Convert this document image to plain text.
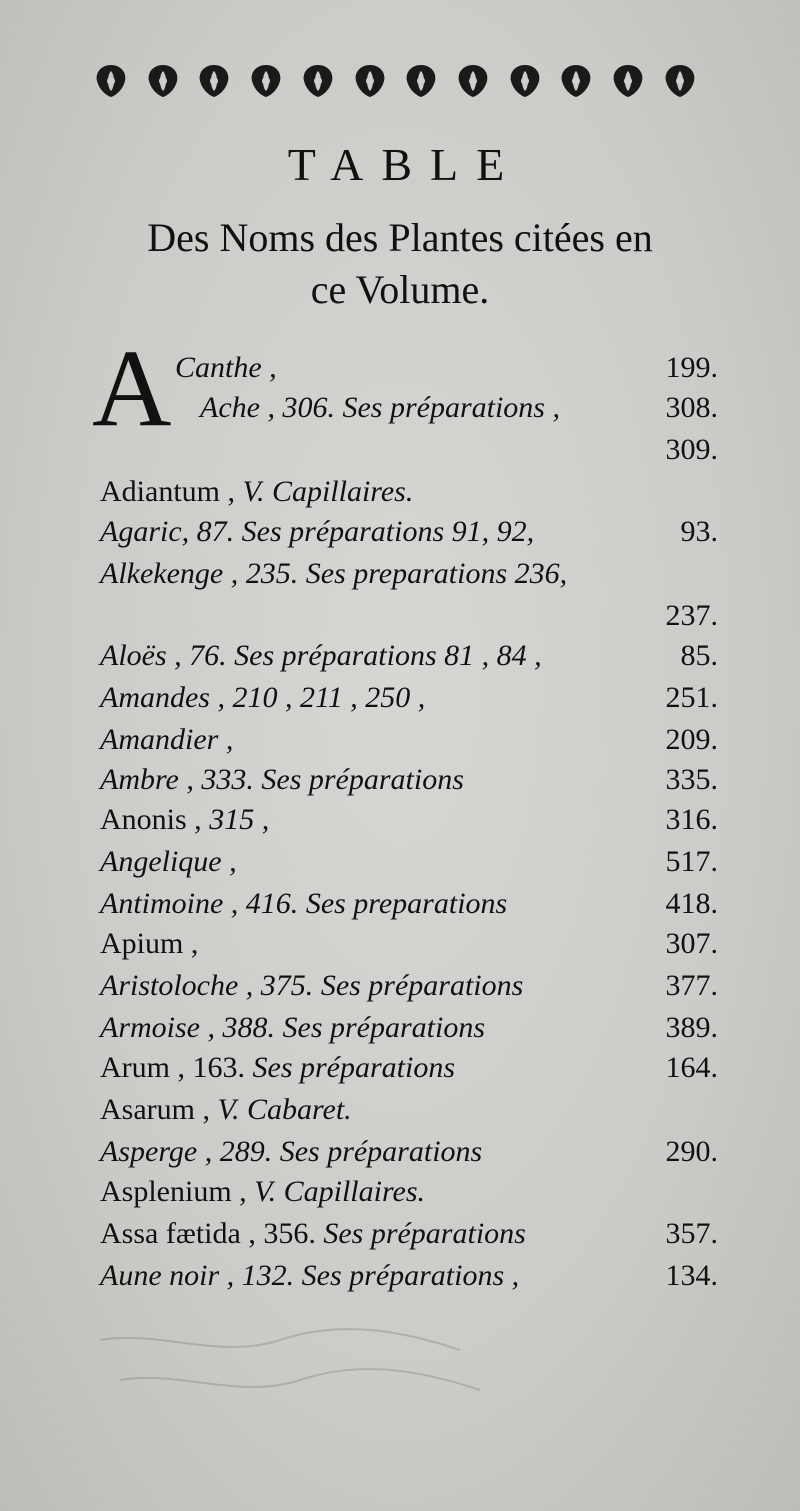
TABLE
Des Noms des Plantes citées en
ce Volume.
A Canthe ,	199.
Ache , 306. Ses préparations ,	308.
309.
Adiantum , V. Capillaires.
Agaric, 87. Ses préparations 91, 92,	93.
Alkekenge , 235. Ses preparations 236,
237.
Aloës , 76. Ses préparations 81 , 84 ,	85.
Amandes , 210 , 211 , 250 ,	251.
Amandier ,	209.
Ambre , 333. Ses préparations	335.
Anonis , 315 ,	316.
Angelique ,	517.
Antimoine , 416. Ses preparations	418.
Apium ,	307.
Aristoloche , 375. Ses préparations	377.
Armoise , 388. Ses préparations	389.
Arum , 163. Ses préparations	164.
Asarum , V. Cabaret.
Asperge , 289. Ses préparations	290.
Asplenium , V. Capillaires.
Assa fætida , 356. Ses préparations	357.
Aune noir , 132. Ses préparations ,	134.
